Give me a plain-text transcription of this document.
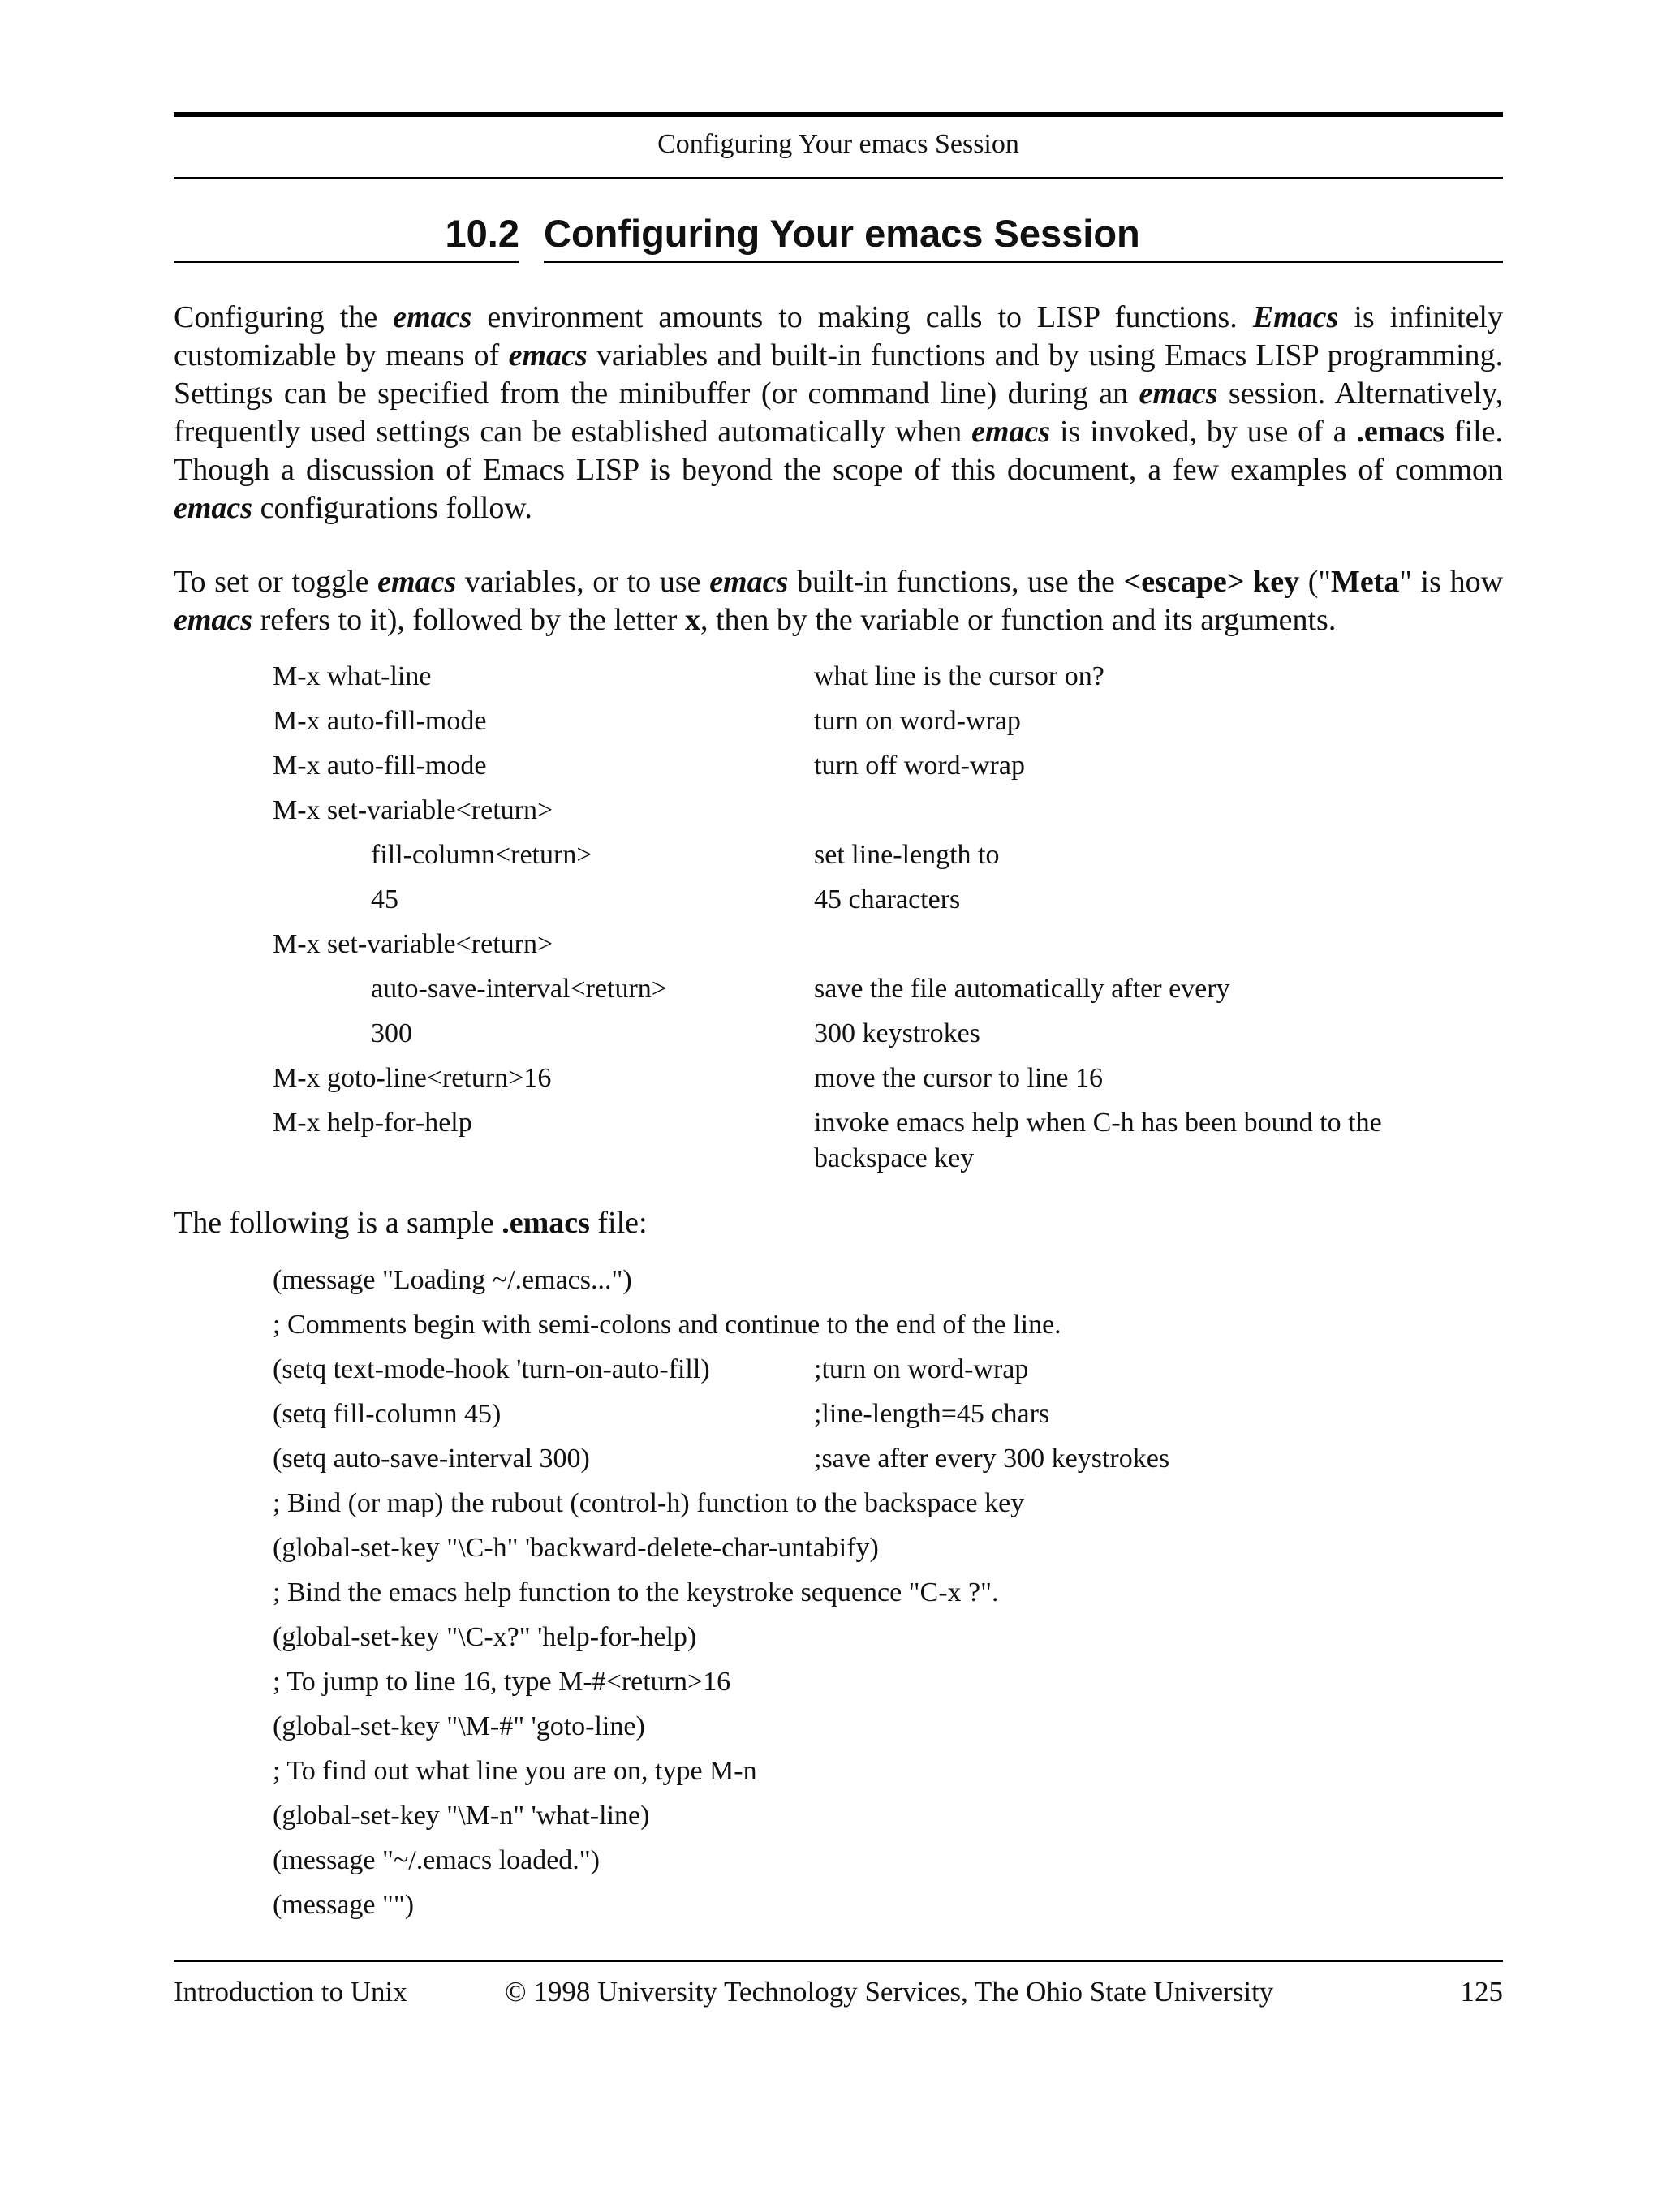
Configuring Your emacs Session
10.2 Configuring Your emacs Session

Configuring the emacs environment amounts to making calls to LISP functions. Emacs is infinitely customizable by means of emacs variables and built-in functions and by using Emacs LISP programming. Settings can be specified from the minibuffer (or command line) during an emacs session. Alternatively, frequently used settings can be established automatically when emacs is invoked, by use of a .emacs file. Though a discussion of Emacs LISP is beyond the scope of this document, a few examples of common emacs configurations follow.

To set or toggle emacs variables, or to use emacs built-in functions, use the <escape> key ("Meta" is how emacs refers to it), followed by the letter x, then by the variable or function and its arguments.

M-x what-line	what line is the cursor on?
M-x auto-fill-mode	turn on word-wrap
M-x auto-fill-mode	turn off word-wrap
M-x set-variable<return>
fill-column<return>	set line-length to
45	45 characters
M-x set-variable<return>
auto-save-interval<return>	save the file automatically after every
300	300 keystrokes
M-x goto-line<return>16	move the cursor to line 16
M-x help-for-help	invoke emacs help when C-h has been bound to the backspace key

The following is a sample .emacs file:

(message "Loading ~/.emacs...")
; Comments begin with semi-colons and continue to the end of the line.
(setq text-mode-hook 'turn-on-auto-fill)	;turn on word-wrap
(setq fill-column 45)	;line-length=45 chars
(setq auto-save-interval 300)	;save after every 300 keystrokes
; Bind (or map) the rubout (control-h) function to the backspace key
(global-set-key "\C-h" 'backward-delete-char-untabify)
; Bind the emacs help function to the keystroke sequence "C-x ?".
(global-set-key "\C-x?" 'help-for-help)
; To jump to line 16, type M-#<return>16
(global-set-key "\M-#" 'goto-line)
; To find out what line you are on, type M-n
(global-set-key "\M-n" 'what-line)
(message "~/.emacs loaded.")
(message "")
Introduction to Unix	© 1998 University Technology Services, The Ohio State University	125
